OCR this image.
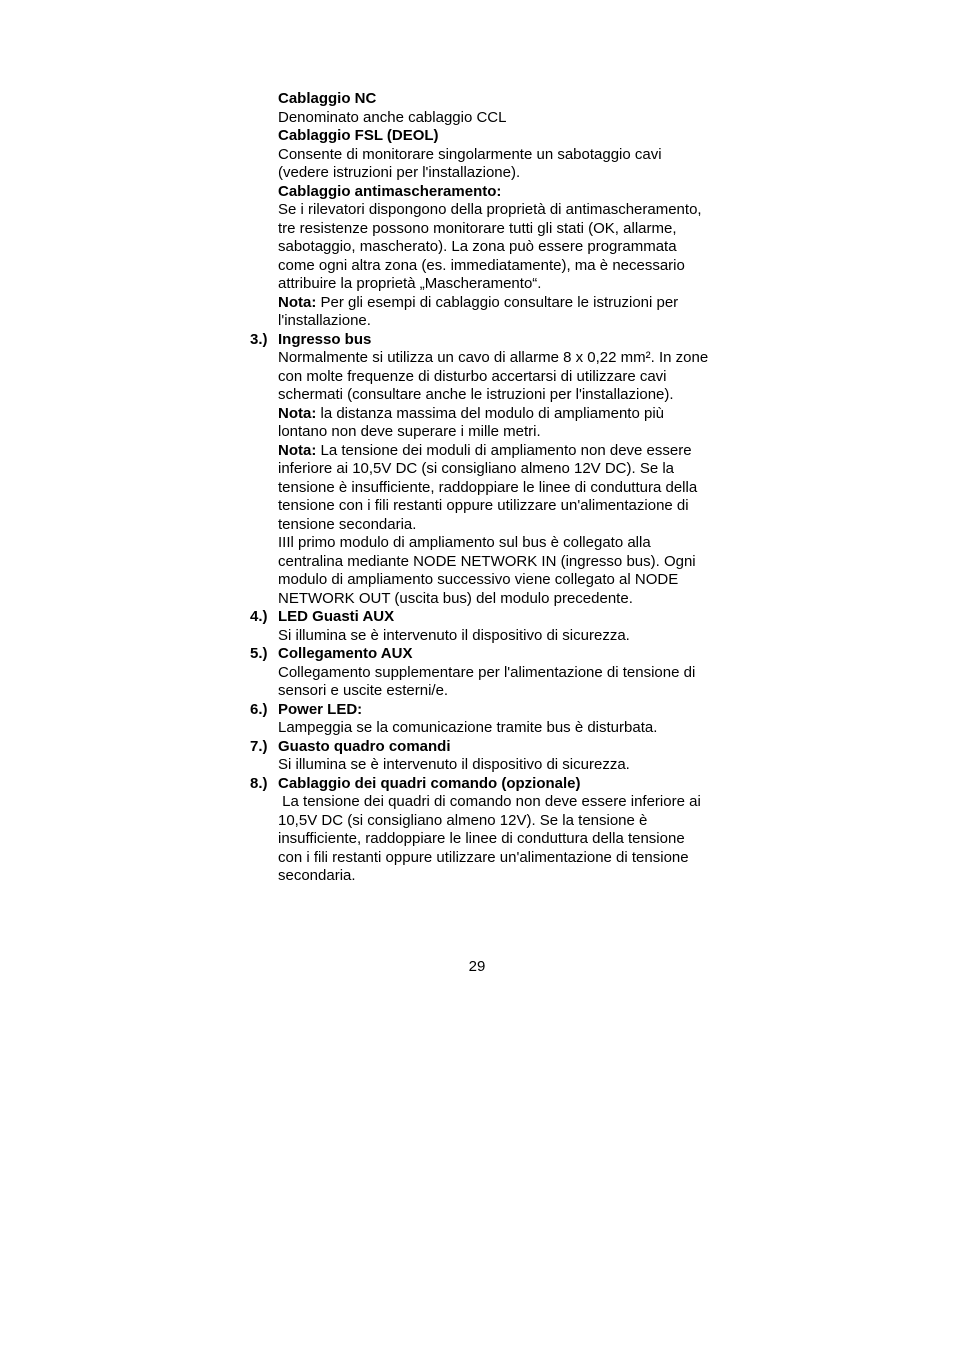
Cablaggio NC
Denominato anche cablaggio CCL
Cablaggio FSL (DEOL)
Consente di monitorare singolarmente un sabotaggio cavi (vedere istruzioni per l'installazione).
Cablaggio antimascheramento:
Se i rilevatori dispongono della proprietà di antimascheramento, tre resistenze possono monitorare tutti gli stati (OK, allarme, sabotaggio, mascherato). La zona può essere programmata come ogni altra zona (es. immediatamente), ma è necessario attribuire la proprietà „Mascheramento“.
Nota: Per gli esempi di cablaggio consultare le istruzioni per l'installazione.
3.) Ingresso bus
Normalmente si utilizza un cavo di allarme 8 x 0,22 mm². In zone con molte frequenze di disturbo accertarsi di utilizzare cavi schermati (consultare anche le istruzioni per l'installazione).
Nota: la distanza massima del modulo di ampliamento più lontano non deve superare i mille metri.
Nota: La tensione dei moduli di ampliamento non deve essere inferiore ai 10,5V DC (si consigliano almeno 12V DC). Se la tensione è insufficiente, raddoppiare le linee di conduttura della tensione con i fili restanti oppure utilizzare un'alimentazione di tensione secondaria.
IIIl primo modulo di ampliamento sul bus è collegato alla centralina mediante NODE NETWORK IN (ingresso bus). Ogni modulo di ampliamento successivo viene collegato al NODE NETWORK OUT (uscita bus) del modulo precedente.
4.) LED Guasti AUX
Si illumina se è intervenuto il dispositivo di sicurezza.
5.) Collegamento AUX
Collegamento supplementare per l'alimentazione di tensione di sensori e uscite esterni/e.
6.) Power LED:
Lampeggia se la comunicazione tramite bus è disturbata.
7.) Guasto quadro comandi
Si illumina se è intervenuto il dispositivo di sicurezza.
8.) Cablaggio dei quadri comando (opzionale)
La tensione dei quadri di comando non deve essere inferiore ai 10,5V DC (si consigliano almeno 12V). Se la tensione è insufficiente, raddoppiare le linee di conduttura della tensione con i fili restanti oppure utilizzare un'alimentazione di tensione secondaria.
29
